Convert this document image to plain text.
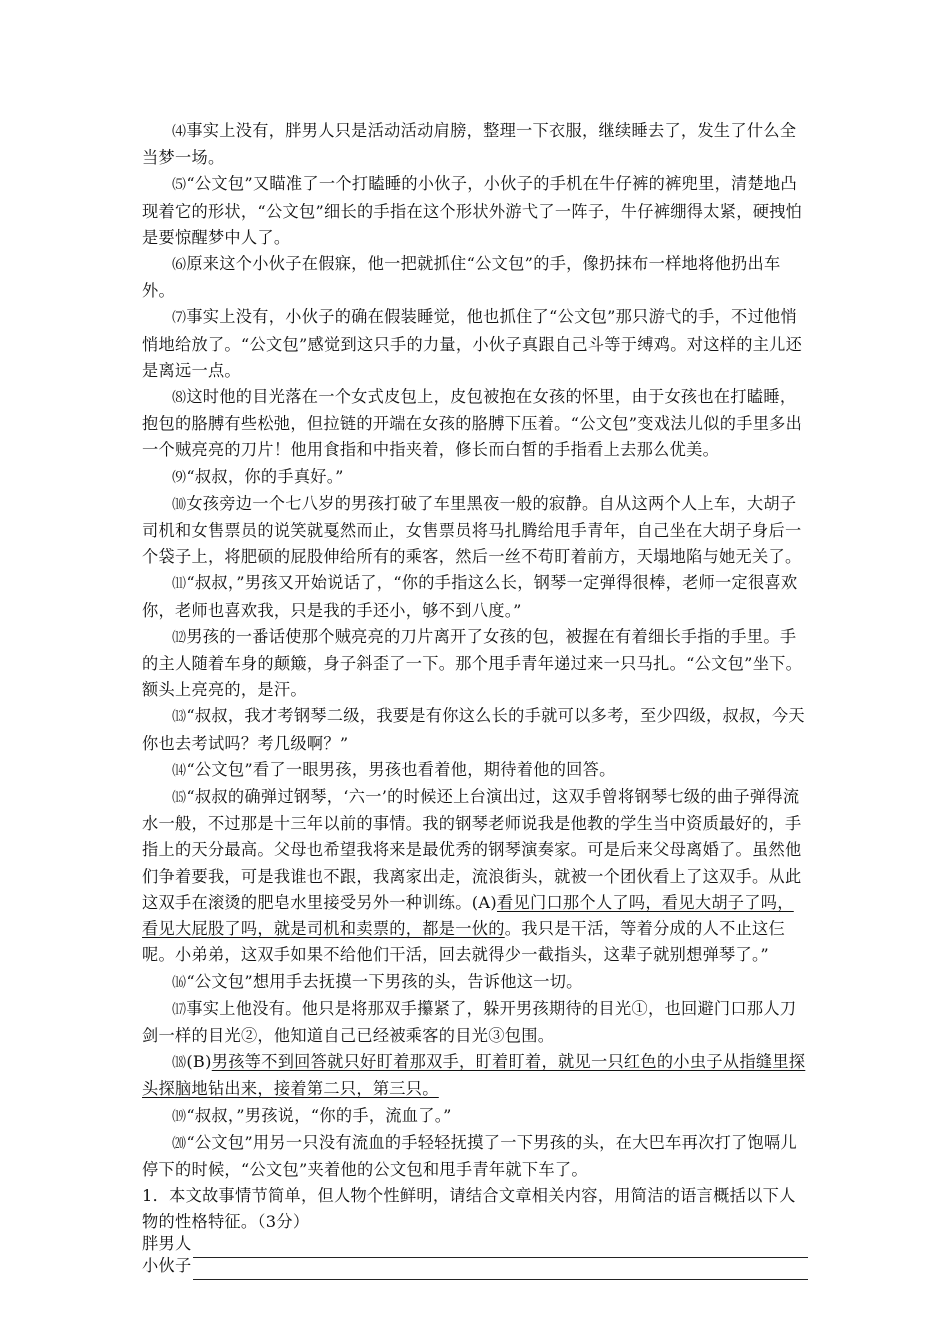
⑷事实上没有，胖男人只是活动活动肩膀，整理一下衣服，继续睡去了，发生了什么全当梦一场。

⑸“公文包”又瞄准了一个打瞌睡的小伙子，小伙子的手机在牛仔裤的裤兜里，清楚地凸现着它的形状，“公文包”细长的手指在这个形状外游弋了一阵子，牛仔裤绷得太紧，硬拽怕是要惊醒梦中人了。

⑹原来这个小伙子在假寐，他一把就抓住“公文包”的手，像扔抹布一样地将他扔出车外。

⑺事实上没有，小伙子的确在假装睡觉，他也抓住了“公文包”那只游弋的手，不过他悄悄地给放了。“公文包”感觉到这只手的力量，小伙子真跟自己斗等于缚鸡。对这样的主儿还是离远一点。

⑻这时他的目光落在一个女式皮包上，皮包被抱在女孩的怀里，由于女孩也在打瞌睡，抱包的胳膊有些松弛，但拉链的开端在女孩的胳膊下压着。“公文包”变戏法儿似的手里多出一个贼亮亮的刀片！他用食指和中指夹着，修长而白皙的手指看上去那么优美。

⑼“叔叔，你的手真好。”

⑽女孩旁边一个七八岁的男孩打破了车里黑夜一般的寂静。自从这两个人上车，大胡子司机和女售票员的说笑就戛然而止，女售票员将马扎腾给甩手青年，自己坐在大胡子身后一个袋子上，将肥硕的屁股伸给所有的乘客，然后一丝不苟盯着前方，天塌地陷与她无关了。

⑾“叔叔，”男孩又开始说话了，“你的手指这么长，钢琴一定弹得很棒，老师一定很喜欢你，老师也喜欢我，只是我的手还小，够不到八度。”

⑿男孩的一番话使那个贼亮亮的刀片离开了女孩的包，被握在有着细长手指的手里。手的主人随着车身的颠簸，身子斜歪了一下。那个甩手青年递过来一只马扎。“公文包”坐下。额头上亮亮的，是汗。

⒀“叔叔，我才考钢琴二级，我要是有你这么长的手就可以多考，至少四级，叔叔，今天你也去考试吗？考几级啊？”

⒁“公文包”看了一眼男孩，男孩也看着他，期待着他的回答。

⒂“叔叔的确弹过钢琴，‘六一’的时候还上台演出过，这双手曾将钢琴七级的曲子弹得流水一般，不过那是十三年以前的事情。我的钢琴老师说我是他教的学生当中资质最好的，手指上的天分最高。父母也希望我将来是最优秀的钢琴演奏家。可是后来父母离婚了。虽然他们争着要我，可是我谁也不跟，我离家出走，流浪街头，就被一个团伙看上了这双手。从此这双手在滚烫的肥皂水里接受另外一种训练。(A)看见门口那个人了吗，看见大胡子了吗，看见大屁股了吗，就是司机和卖票的，都是一伙的。我只是干活，等着分成的人不止这仨呢。小弟弟，这双手如果不给他们干活，回去就得少一截指头，这辈子就别想弹琴了。”

⒃“公文包”想用手去抚摸一下男孩的头，告诉他这一切。

⒄事实上他没有。他只是将那双手攥紧了，躲开男孩期待的目光①，也回避门口那人刀剑一样的目光②，他知道自己已经被乘客的目光③包围。

⒅(B)男孩等不到回答就只好盯着那双手，盯着盯着，就见一只红色的小虫子从指缝里探头探脑地钻出来，接着第二只，第三只。

⒆“叔叔，”男孩说，“你的手，流血了。”

⒇“公文包”用另一只没有流血的手轻轻抚摸了一下男孩的头，在大巴车再次打了饱嗝儿停下的时候，“公文包”夹着他的公文包和甩手青年就下车了。

1．本文故事情节简单，但人物个性鲜明，请结合文章相关内容，用简洁的语言概括以下人物的性格特征。（3分）

胖男人
小伙子
